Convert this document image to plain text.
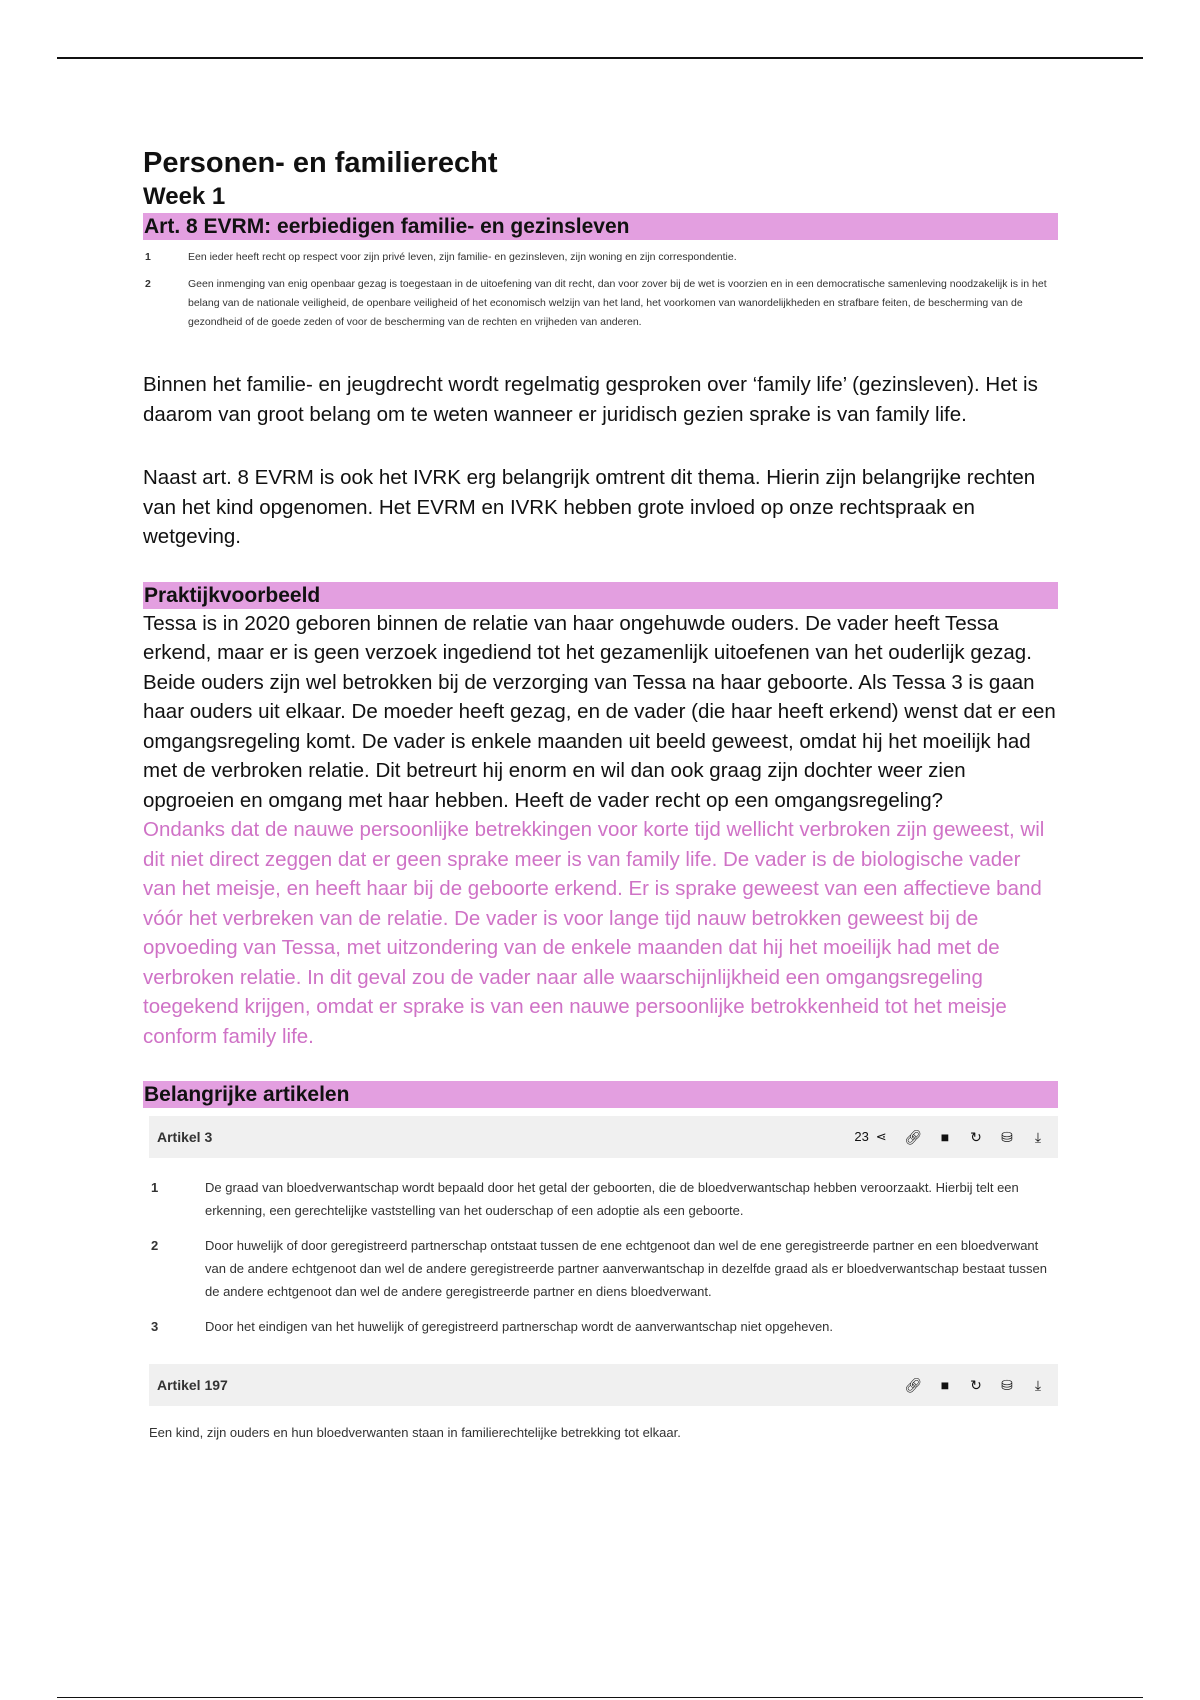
Personen- en familierecht
Week 1
Art. 8 EVRM: eerbiedigen familie- en gezinsleven
1	Een ieder heeft recht op respect voor zijn privé leven, zijn familie- en gezinsleven, zijn woning en zijn correspondentie.
2	Geen inmenging van enig openbaar gezag is toegestaan in de uitoefening van dit recht, dan voor zover bij de wet is voorzien en in een democratische samenleving noodzakelijk is in het belang van de nationale veiligheid, de openbare veiligheid of het economisch welzijn van het land, het voorkomen van wanordelijkheden en strafbare feiten, de bescherming van de gezondheid of de goede zeden of voor de bescherming van de rechten en vrijheden van anderen.

Binnen het familie- en jeugdrecht wordt regelmatig gesproken over ‘family life’ (gezinsleven). Het is daarom van groot belang om te weten wanneer er juridisch gezien sprake is van family life.

Naast art. 8 EVRM is ook het IVRK erg belangrijk omtrent dit thema. Hierin zijn belangrijke rechten van het kind opgenomen. Het EVRM en IVRK hebben grote invloed op onze rechtspraak en wetgeving.

Praktijkvoorbeeld

Tessa is in 2020 geboren binnen de relatie van haar ongehuwde ouders. De vader heeft Tessa erkend, maar er is geen verzoek ingediend tot het gezamenlijk uitoefenen van het ouderlijk gezag. Beide ouders zijn wel betrokken bij de verzorging van Tessa na haar geboorte. Als Tessa 3 is gaan haar ouders uit elkaar. De moeder heeft gezag, en de vader (die haar heeft erkend) wenst dat er een omgangsregeling komt. De vader is enkele maanden uit beeld geweest, omdat hij het moeilijk had met de verbroken relatie. Dit betreurt hij enorm en wil dan ook graag zijn dochter weer zien opgroeien en omgang met haar hebben. Heeft de vader recht op een omgangsregeling?

Ondanks dat de nauwe persoonlijke betrekkingen voor korte tijd wellicht verbroken zijn geweest, wil dit niet direct zeggen dat er geen sprake meer is van family life. De vader is de biologische vader van het meisje, en heeft haar bij de geboorte erkend. Er is sprake geweest van een affectieve band vóór het verbreken van de relatie. De vader is voor lange tijd nauw betrokken geweest bij de opvoeding van Tessa, met uitzondering van de enkele maanden dat hij het moeilijk had met de verbroken relatie. In dit geval zou de vader naar alle waarschijnlijkheid een omgangsregeling toegekend krijgen, omdat er sprake is van een nauwe persoonlijke betrokkenheid tot het meisje conform family life.

Belangrijke artikelen
Artikel 3	23 ⋖ 🔗︎ ■ ↻ ⛁	⤓
1	De graad van bloedverwantschap wordt bepaald door het getal der geboorten, die de bloedverwantschap hebben veroorzaakt. Hierbij telt een erkenning, een gerechtelijke vaststelling van het ouderschap of een adoptie als een geboorte.
2	Door huwelijk of door geregistreerd partnerschap ontstaat tussen de ene echtgenoot dan wel de ene geregistreerde partner en een bloedverwant van de andere echtgenoot dan wel de andere geregistreerde partner aanverwantschap in dezelfde graad als er bloedverwantschap bestaat tussen de andere echtgenoot dan wel de andere geregistreerde partner en diens bloedverwant.
3	Door het eindigen van het huwelijk of geregistreerd partnerschap wordt de aanverwantschap niet opgeheven.
Artikel 197	🔗︎ ■ ↻ ⛁	⤓
Een kind, zijn ouders en hun bloedverwanten staan in familierechtelijke betrekking tot elkaar.
